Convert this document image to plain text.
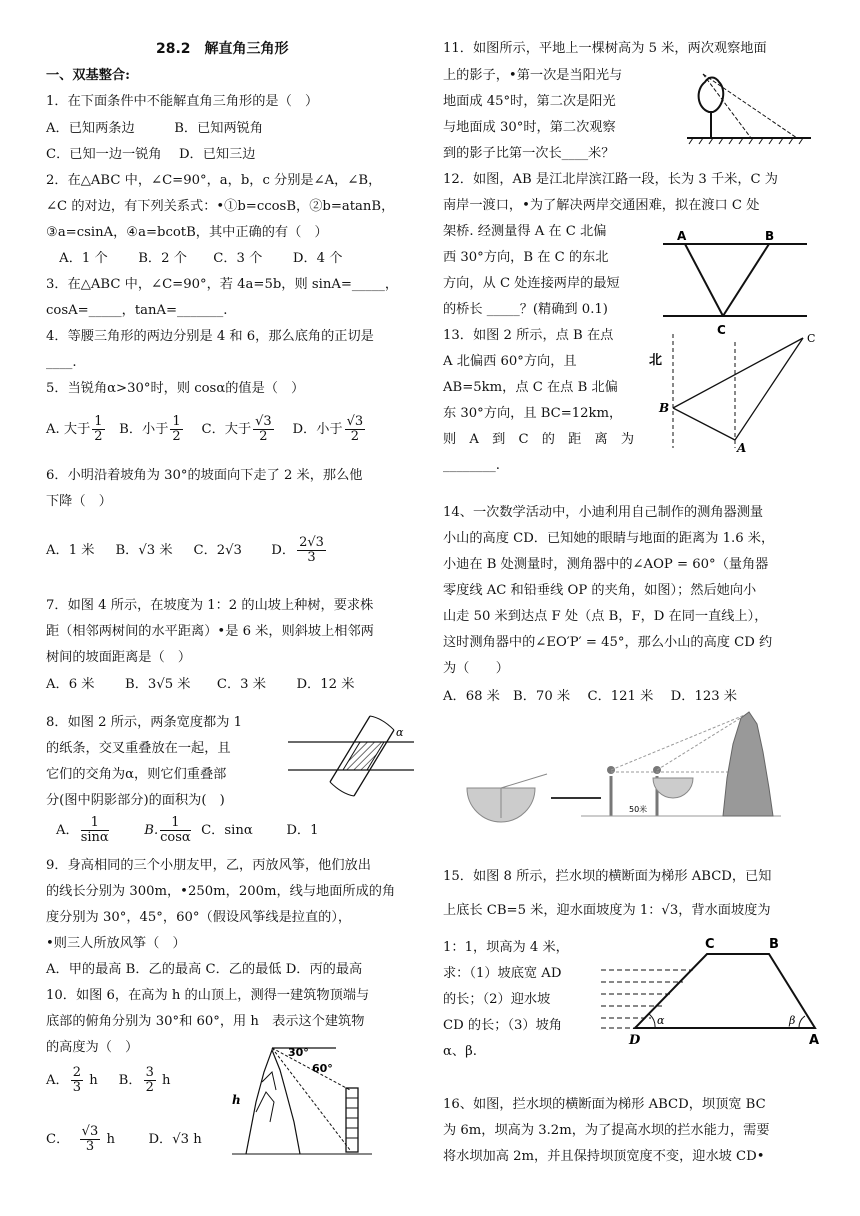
28.2　解直角三角形
一、双基整合:
1．在下面条件中不能解直角三角形的是（　）
A．已知两条边　　　B．已知两锐角
C．已知一边一锐角　 D．已知三边
2．在△ABC 中，∠C=90°，a，b，c 分别是∠A，∠B，
∠C 的对边，有下列关系式：•①b=ccosB，②b=atanB，
③a=csinA，④a=bcotB，其中正确的有（　）
　A．1 个　　 B．2 个　　C．3 个　　 D．4 个
3．在△ABC 中，∠C=90°，若 4a=5b，则 sinA=_____，
cosA=_____，tanA=_______.
4．等腰三角形的两边分别是 4 和 6，那么底角的正切是
____.
5．当锐角α>30°时，则 cosα的值是（　）
A. 大于 $\frac{1}{2}$ B．小于 $\frac{1}{2}$ C．大于 $\frac{√3}{2}$ D．小于 $\frac{√3}{2}$
6．小明沿着坡角为 30°的坡面向下走了 2 米，那么他
下降（　）
A．1 米 B．√3 米 C．2√3 D． $\frac{2√3}{3}$
7．如图 4 所示，在坡度为 1：2 的山坡上种树，要求株
距（相邻两树间的水平距离）•是 6 米，则斜坡上相邻两
树间的坡面距离是（　）
A．6 米　　 B．3√5 米　　C．3 米　　 D．12 米
8．如图 2 所示，两条宽度都为 1
的纸条，交叉重叠放在一起，且
它们的交角为α，则它们重叠部
分(图中阴影部分)的面积为(　)
A． $\frac{1}{\sin\alpha}$	B. $\frac{1}{\cos\alpha}$ C．sinα	D．1
α
9．身高相同的三个小朋友甲，乙，丙放风筝，他们放出
的线长分别为 300m，•250m，200m，线与地面所成的角
度分别为 30°，45°，60°（假设风筝线是拉直的），
•则三人所放风筝（　）
A．甲的最高 B．乙的最高 C．乙的最低 D．丙的最高
10．如图 6，在高为 h 的山顶上，测得一建筑物顶端与
底部的俯角分别为 30°和 60°，用 h　表示这个建筑物
的高度为（　）
A． $\frac{2}{3}$ h B． $\frac{3}{2}$ h
C． $\frac{√3}{3}$ h	D．√3 h
30°
60°
h
11．如图所示，平地上一棵树高为 5 米，两次观察地面
上的影子，•第一次是当阳光与
地面成 45°时，第二次是阳光
与地面成 30°时，第二次观察
到的影子比第一次长____米？
12．如图，AB 是江北岸滨江路一段，长为 3 千米，C 为
南岸一渡口，•为了解决两岸交通困难，拟在渡口 C 处
架桥. 经测量得 A 在 C 北偏
西 30°方向，B 在 C 的东北
方向，从 C 处连接两岸的最短
的桥长 _____？(精确到 0.1)
A	B
C
13．如图 2 所示，点 B 在点
A 北偏西 60°方向，且
AB=5km，点 C 在点 B 北偏
东 30°方向，且 BC=12km，
则　A　到　C　的　距　离　为
________.
北
B
A
C
14、一次数学活动中，小迪利用自己制作的测角器测量
小山的高度 CD．已知她的眼睛与地面的距离为 1.6 米，
小迪在 B 处测量时，测角器中的∠AOP = 60°（量角器
零度线 AC 和铅垂线 OP 的夹角，如图）；然后她向小
山走 50 米到达点 F 处（点 B，F，D 在同一直线上），
这时测角器中的∠EO′P′ = 45°，那么小山的高度 CD 约
为（　　）
A．68 米　B．70 米　 C．121 米　 D．123 米
50米
15．如图 8 所示，拦水坝的横断面为梯形 ABCD，已知
上底长 CB=5 米，迎水面坡度为 1：√3，背水面坡度为
1：1，坝高为 4 米，
求：（1）坡底宽 AD
的长；（2）迎水坡
CD 的长；（3）坡角
α、β.
C	B
D	A
α	β
16、如图，拦水坝的横断面为梯形 ABCD，坝顶宽 BC
为 6m，坝高为 3.2m，为了提高水坝的拦水能力，需要
将水坝加高 2m，并且保持坝顶宽度不变，迎水坡 CD•
